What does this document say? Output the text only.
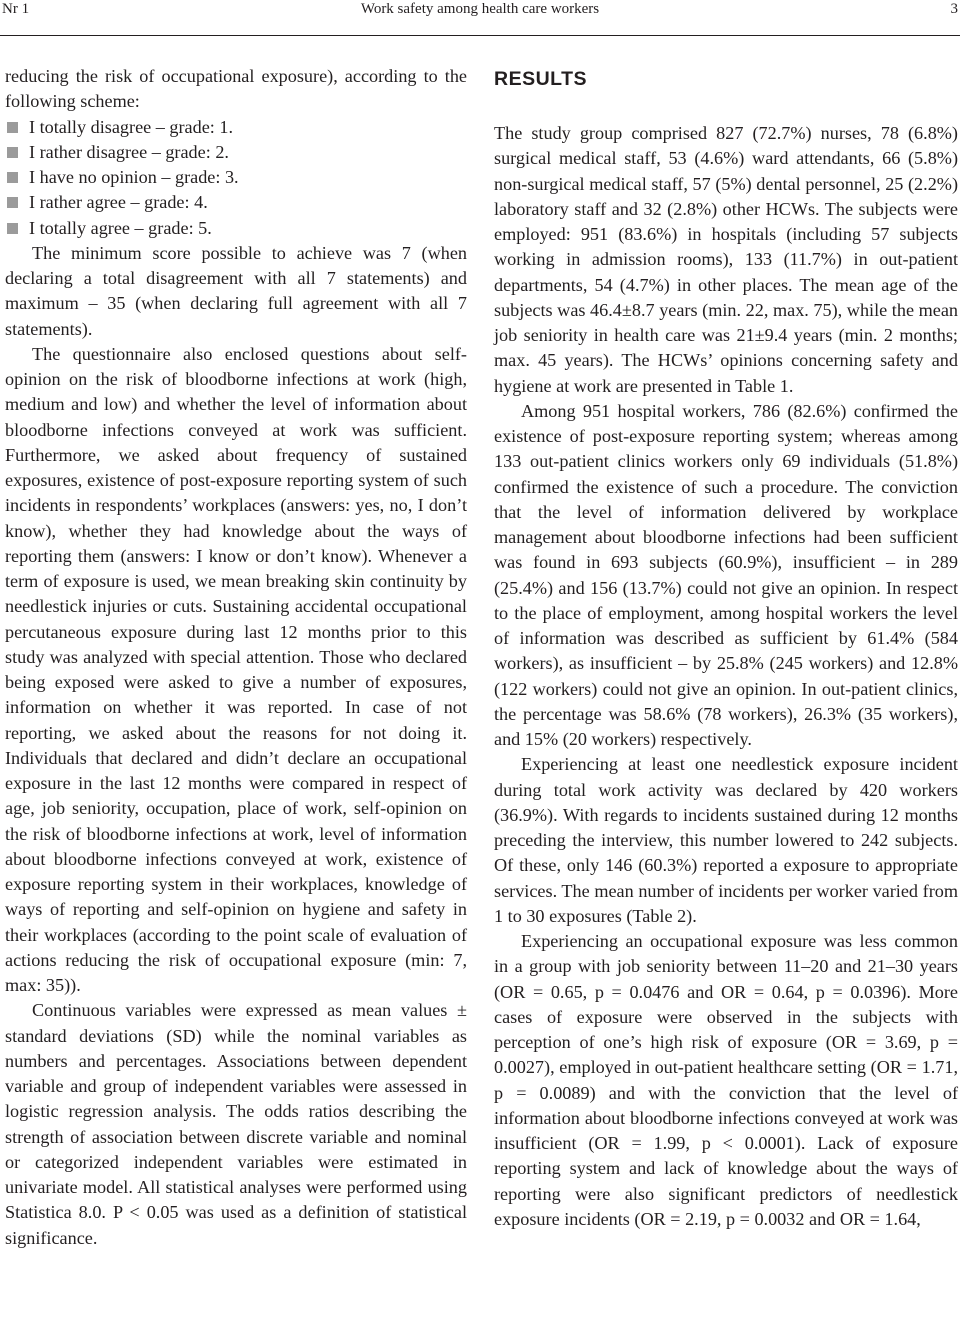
Nr 1	Work safety among health care workers	3

reducing the risk of occupational exposure), according to the following scheme:

I totally disagree – grade: 1.
I rather disagree – grade: 2.
I have no opinion – grade: 3.
I rather agree – grade: 4.
I totally agree – grade: 5.

The minimum score possible to achieve was 7 (when declaring a total disagreement with all 7 statements) and maximum – 35 (when declaring full agreement with all 7 statements).

The questionnaire also enclosed questions about self-opinion on the risk of bloodborne infections at work (high, medium and low) and whether the level of information about bloodborne infections conveyed at work was sufficient. Furthermore, we asked about frequency of sustained exposures, existence of post-exposure reporting system of such incidents in respondents’ workplaces (answers: yes, no, I don’t know), whether they had knowledge about the ways of reporting them (answers: I know or don’t know). Whenever a term of exposure is used, we mean breaking skin continuity by needlestick injuries or cuts. Sustaining accidental occupational percutaneous exposure during last 12 months prior to this study was analyzed with special attention. Those who declared being exposed were asked to give a number of exposures, information on whether it was reported. In case of not reporting, we asked about the reasons for not doing it. Individuals that declared and didn’t declare an occupational exposure in the last 12 months were compared in respect of age, job seniority, occupation, place of work, self-opinion on the risk of bloodborne infections at work, level of information about bloodborne infections conveyed at work, existence of exposure reporting system in their workplaces, knowledge of ways of reporting and self-opinion on hygiene and safety in their workplaces (according to the point scale of evaluation of actions reducing the risk of occupational exposure (min: 7, max: 35)).

Continuous variables were expressed as mean values ± standard deviations (SD) while the nominal variables as numbers and percentages. Associations between dependent variable and group of independent variables were assessed in logistic regression analysis. The odds ratios describing the strength of association between discrete variable and nominal or categorized independent variables were estimated in univariate model. All statistical analyses were performed using Statistica 8.0. P < 0.05 was used as a definition of statistical significance.

RESULTS

The study group comprised 827 (72.7%) nurses, 78 (6.8%) surgical medical staff, 53 (4.6%) ward attendants, 66 (5.8%) non-surgical medical staff, 57 (5%) dental personnel, 25 (2.2%) laboratory staff and 32 (2.8%) other HCWs. The subjects were employed: 951 (83.6%) in hospitals (including 57 subjects working in admission rooms), 133 (11.7%) in out-patient departments, 54 (4.7%) in other places. The mean age of the subjects was 46.4±8.7 years (min. 22, max. 75), while the mean job seniority in health care was 21±9.4 years (min. 2 months; max. 45 years). The HCWs’ opinions concerning safety and hygiene at work are presented in Table 1.

Among 951 hospital workers, 786 (82.6%) confirmed the existence of post-exposure reporting system; whereas among 133 out-patient clinics workers only 69 individuals (51.8%) confirmed the existence of such a procedure. The conviction that the level of information delivered by workplace management about bloodborne infections had been sufficient was found in 693 subjects (60.9%), insufficient – in 289 (25.4%) and 156 (13.7%) could not give an opinion. In respect to the place of employment, among hospital workers the level of information was described as sufficient by 61.4% (584 workers), as insufficient – by 25.8% (245 workers) and 12.8% (122 workers) could not give an opinion. In out-patient clinics, the percentage was 58.6% (78 workers), 26.3% (35 workers), and 15% (20 workers) respectively.

Experiencing at least one needlestick exposure incident during total work activity was declared by 420 workers (36.9%). With regards to incidents sustained during 12 months preceding the interview, this number lowered to 242 subjects. Of these, only 146 (60.3%) reported a exposure to appropriate services. The mean number of incidents per worker varied from 1 to 30 exposures (Table 2).

Experiencing an occupational exposure was less common in a group with job seniority between 11–20 and 21–30 years (OR = 0.65, p = 0.0476 and OR = 0.64, p = 0.0396). More cases of exposure were observed in the subjects with perception of one’s high risk of exposure (OR = 3.69, p = 0.0027), employed in out-patient healthcare setting (OR = 1.71, p = 0.0089) and with the conviction that the level of information about bloodborne infections conveyed at work was insufficient (OR = 1.99, p < 0.0001). Lack of exposure reporting system and lack of knowledge about the ways of reporting were also significant predictors of needlestick exposure incidents (OR = 2.19, p = 0.0032 and OR = 1.64,
